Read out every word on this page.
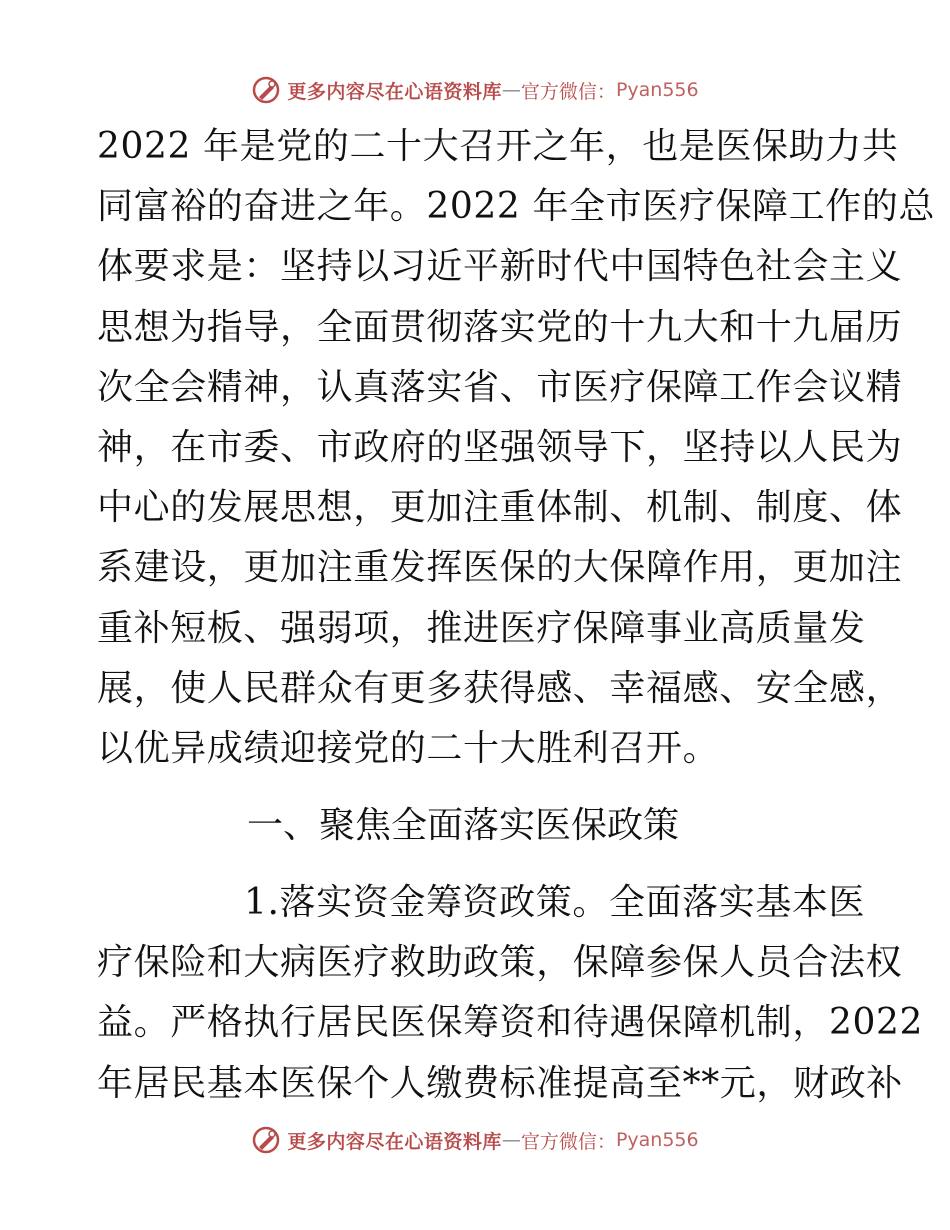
更多内容尽在心语资料库 — 官方微信： Pyan556
2022 年是党的二十大召开之年，也是医保助力共
同富裕的奋进之年。2022 年全市医疗保障工作的总
体要求是：坚持以习近平新时代中国特色社会主义
思想为指导，全面贯彻落实党的十九大和十九届历
次全会精神，认真落实省、市医疗保障工作会议精
神，在市委、市政府的坚强领导下，坚持以人民为
中心的发展思想，更加注重体制、机制、制度、体
系建设，更加注重发挥医保的大保障作用，更加注
重补短板、强弱项，推进医疗保障事业高质量发
展，使人民群众有更多获得感、幸福感、安全感，
以优异成绩迎接党的二十大胜利召开。
一、聚焦全面落实医保政策
1.落实资金筹资政策。全面落实基本医
疗保险和大病医疗救助政策，保障参保人员合法权
益。严格执行居民医保筹资和待遇保障机制，2022
年居民基本医保个人缴费标准提高至**元，财政补
更多内容尽在心语资料库 — 官方微信： Pyan556
